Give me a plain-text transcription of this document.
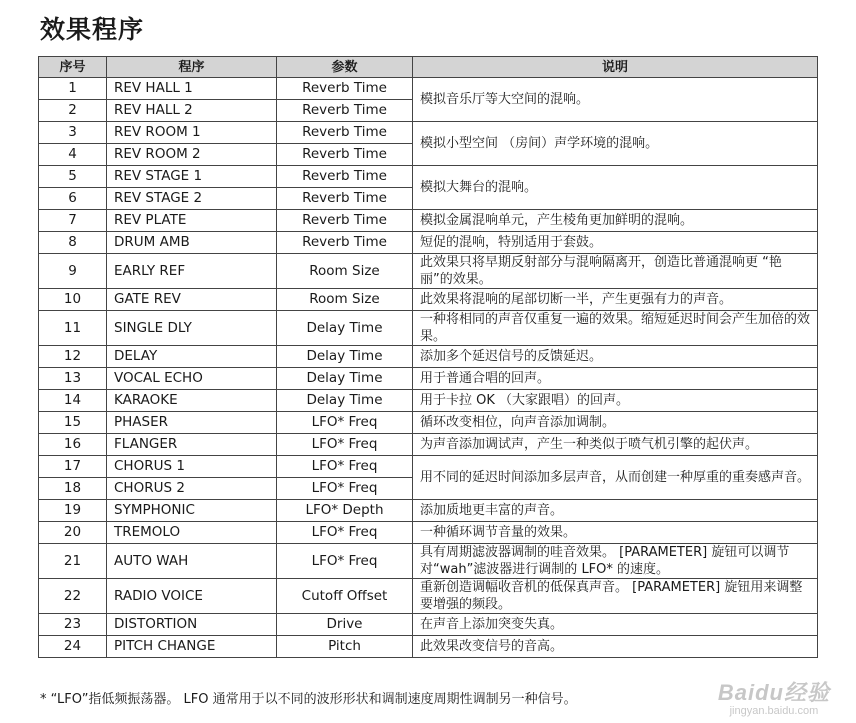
效果程序
序号	程序	参数	说明
1	REV HALL 1	Reverb Time	模拟音乐厅等大空间的混响。
2	REV HALL 2	Reverb Time	
3	REV ROOM 1	Reverb Time	模拟小型空间 （房间）声学环境的混响。
4	REV ROOM 2	Reverb Time	
5	REV STAGE 1	Reverb Time	模拟大舞台的混响。
6	REV STAGE 2	Reverb Time	
7	REV PLATE	Reverb Time	模拟金属混响单元，产生棱角更加鲜明的混响。
8	DRUM AMB	Reverb Time	短促的混响，特别适用于套鼓。
9	EARLY REF	Room Size	此效果只将早期反射部分与混响隔离开，创造比普通混响更 “艳丽”的效果。
10	GATE REV	Room Size	此效果将混响的尾部切断一半，产生更强有力的声音。
11	SINGLE DLY	Delay Time	一种将相同的声音仅重复一遍的效果。缩短延迟时间会产生加倍的效果。
12	DELAY	Delay Time	添加多个延迟信号的反馈延迟。
13	VOCAL ECHO	Delay Time	用于普通合唱的回声。
14	KARAOKE	Delay Time	用于卡拉 OK （大家跟唱）的回声。
15	PHASER	LFO* Freq	循环改变相位，向声音添加调制。
16	FLANGER	LFO* Freq	为声音添加调试声，产生一种类似于喷气机引擎的起伏声。
17	CHORUS 1	LFO* Freq	用不同的延迟时间添加多层声音，从而创建一种厚重的重奏感声音。
18	CHORUS 2	LFO* Freq	
19	SYMPHONIC	LFO* Depth	添加质地更丰富的声音。
20	TREMOLO	LFO* Freq	一种循环调节音量的效果。
21	AUTO WAH	LFO* Freq	具有周期滤波器调制的哇音效果。 [PARAMETER] 旋钮可以调节对“wah”滤波器进行调制的 LFO* 的速度。
22	RADIO VOICE	Cutoff Offset	重新创造调幅收音机的低保真声音。 [PARAMETER] 旋钮用来调整要增强的频段。
23	DISTORTION	Drive	在声音上添加突变失真。
24	PITCH CHANGE	Pitch	此效果改变信号的音高。
* “LFO”指低频振荡器。 LFO 通常用于以不同的波形形状和调制速度周期性调制另一种信号。	Baidu经验
jingyan.baidu.com
